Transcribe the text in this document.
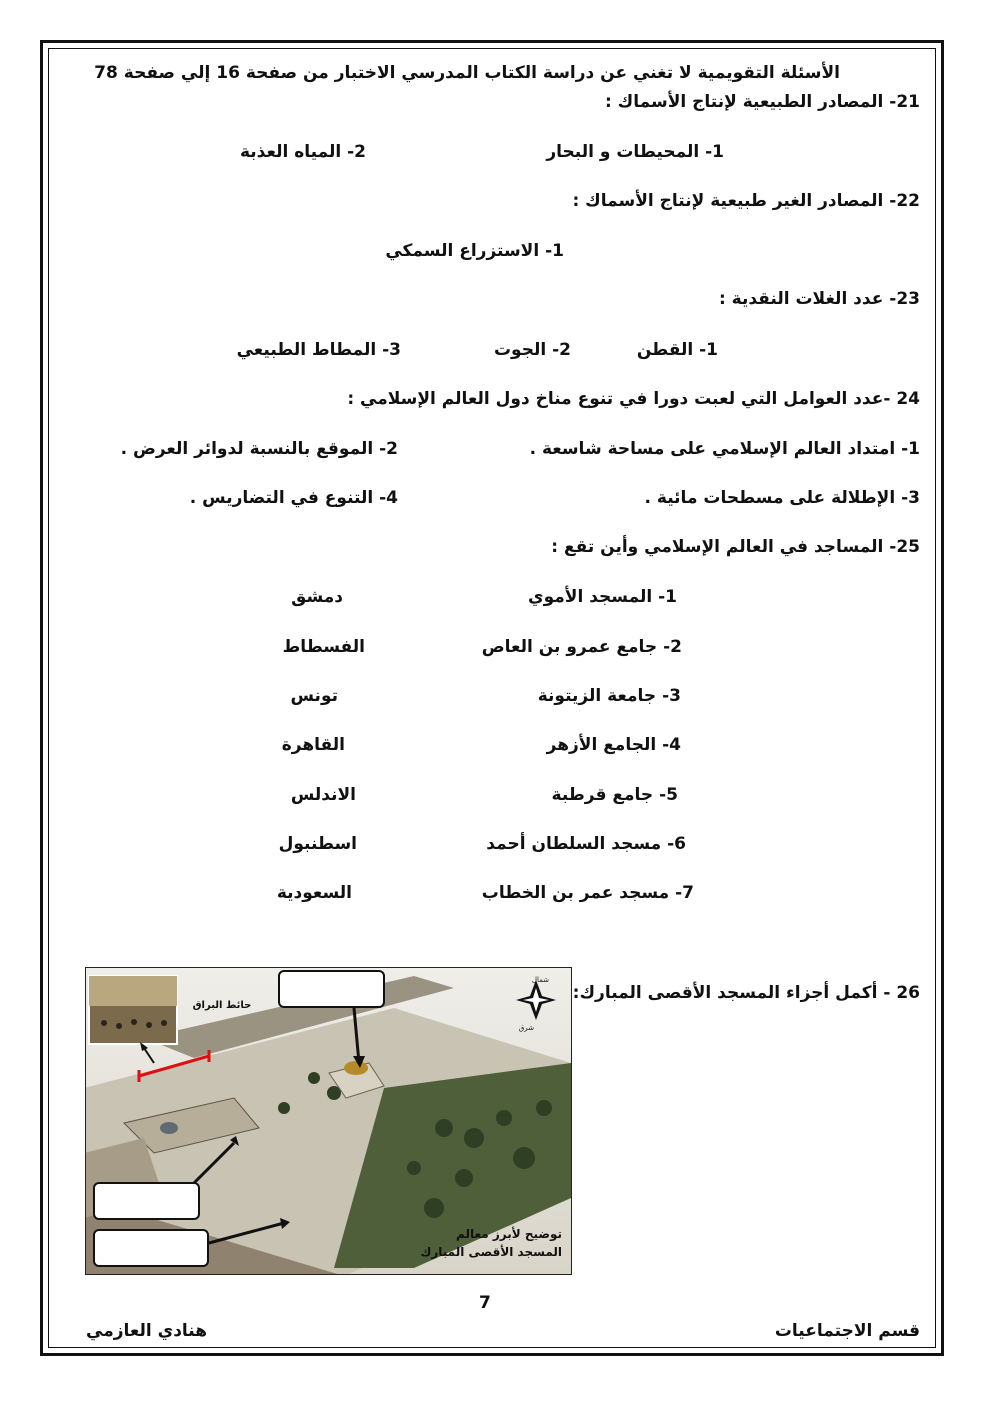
الأسئلة التقويمية لا تغني عن دراسة الكتاب المدرسي الاختبار من صفحة 16 إلي صفحة 78
21- المصادر الطبيعية لإنتاج الأسماك :
1- المحيطات و البحار
2- المياه العذبة
22- المصادر الغير طبيعية لإنتاج الأسماك :
1- الاستزراع السمكي
23- عدد الغلات النقدية :
1- القطن
2- الجوت
3- المطاط الطبيعي
24 -عدد العوامل التي لعبت دورا في تنوع مناخ دول العالم الإسلامي :
1- امتداد العالم الإسلامي على مساحة شاسعة .
2- الموقع بالنسبة لدوائر العرض .
3- الإطلالة على مسطحات مائية .
4- التنوع في التضاريس .
25- المساجد في العالم الإسلامي وأين تقع :
1- المسجد الأموي
دمشق
2- جامع عمرو بن العاص
الفسطاط
3- جامعة الزيتونة
تونس
4- الجامع الأزهر
القاهرة
5- جامع قرطبة
الاندلس
6- مسجد السلطان أحمد
اسطنبول
7- مسجد عمر بن الخطاب
السعودية
26 - أكمل أجزاء المسجد الأقصى المبارك:
حائط البراق
شمال
شرق
توضيح لأبرز معالم
المسجد الأقصى المبارك
7
قسم الاجتماعيات
هنادي العازمي
